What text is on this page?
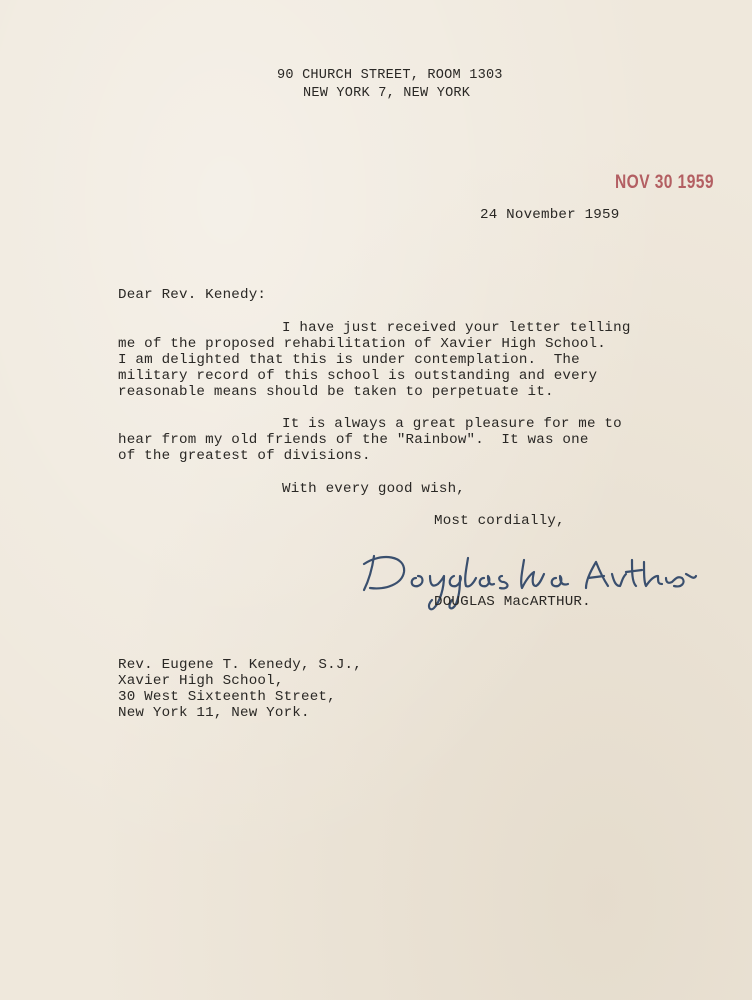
90 CHURCH STREET, ROOM 1303
NEW YORK 7, NEW YORK
NOV 30 1959
24 November 1959
Dear Rev. Kenedy:
I have just received your letter telling
me of the proposed rehabilitation of Xavier High School.
I am delighted that this is under contemplation.  The
military record of this school is outstanding and every
reasonable means should be taken to perpetuate it.
It is always a great pleasure for me to
hear from my old friends of the "Rainbow".  It was one
of the greatest of divisions.
With every good wish,
Most cordially,
DOUGLAS MacARTHUR.
Rev. Eugene T. Kenedy, S.J.,
Xavier High School,
30 West Sixteenth Street,
New York 11, New York.
